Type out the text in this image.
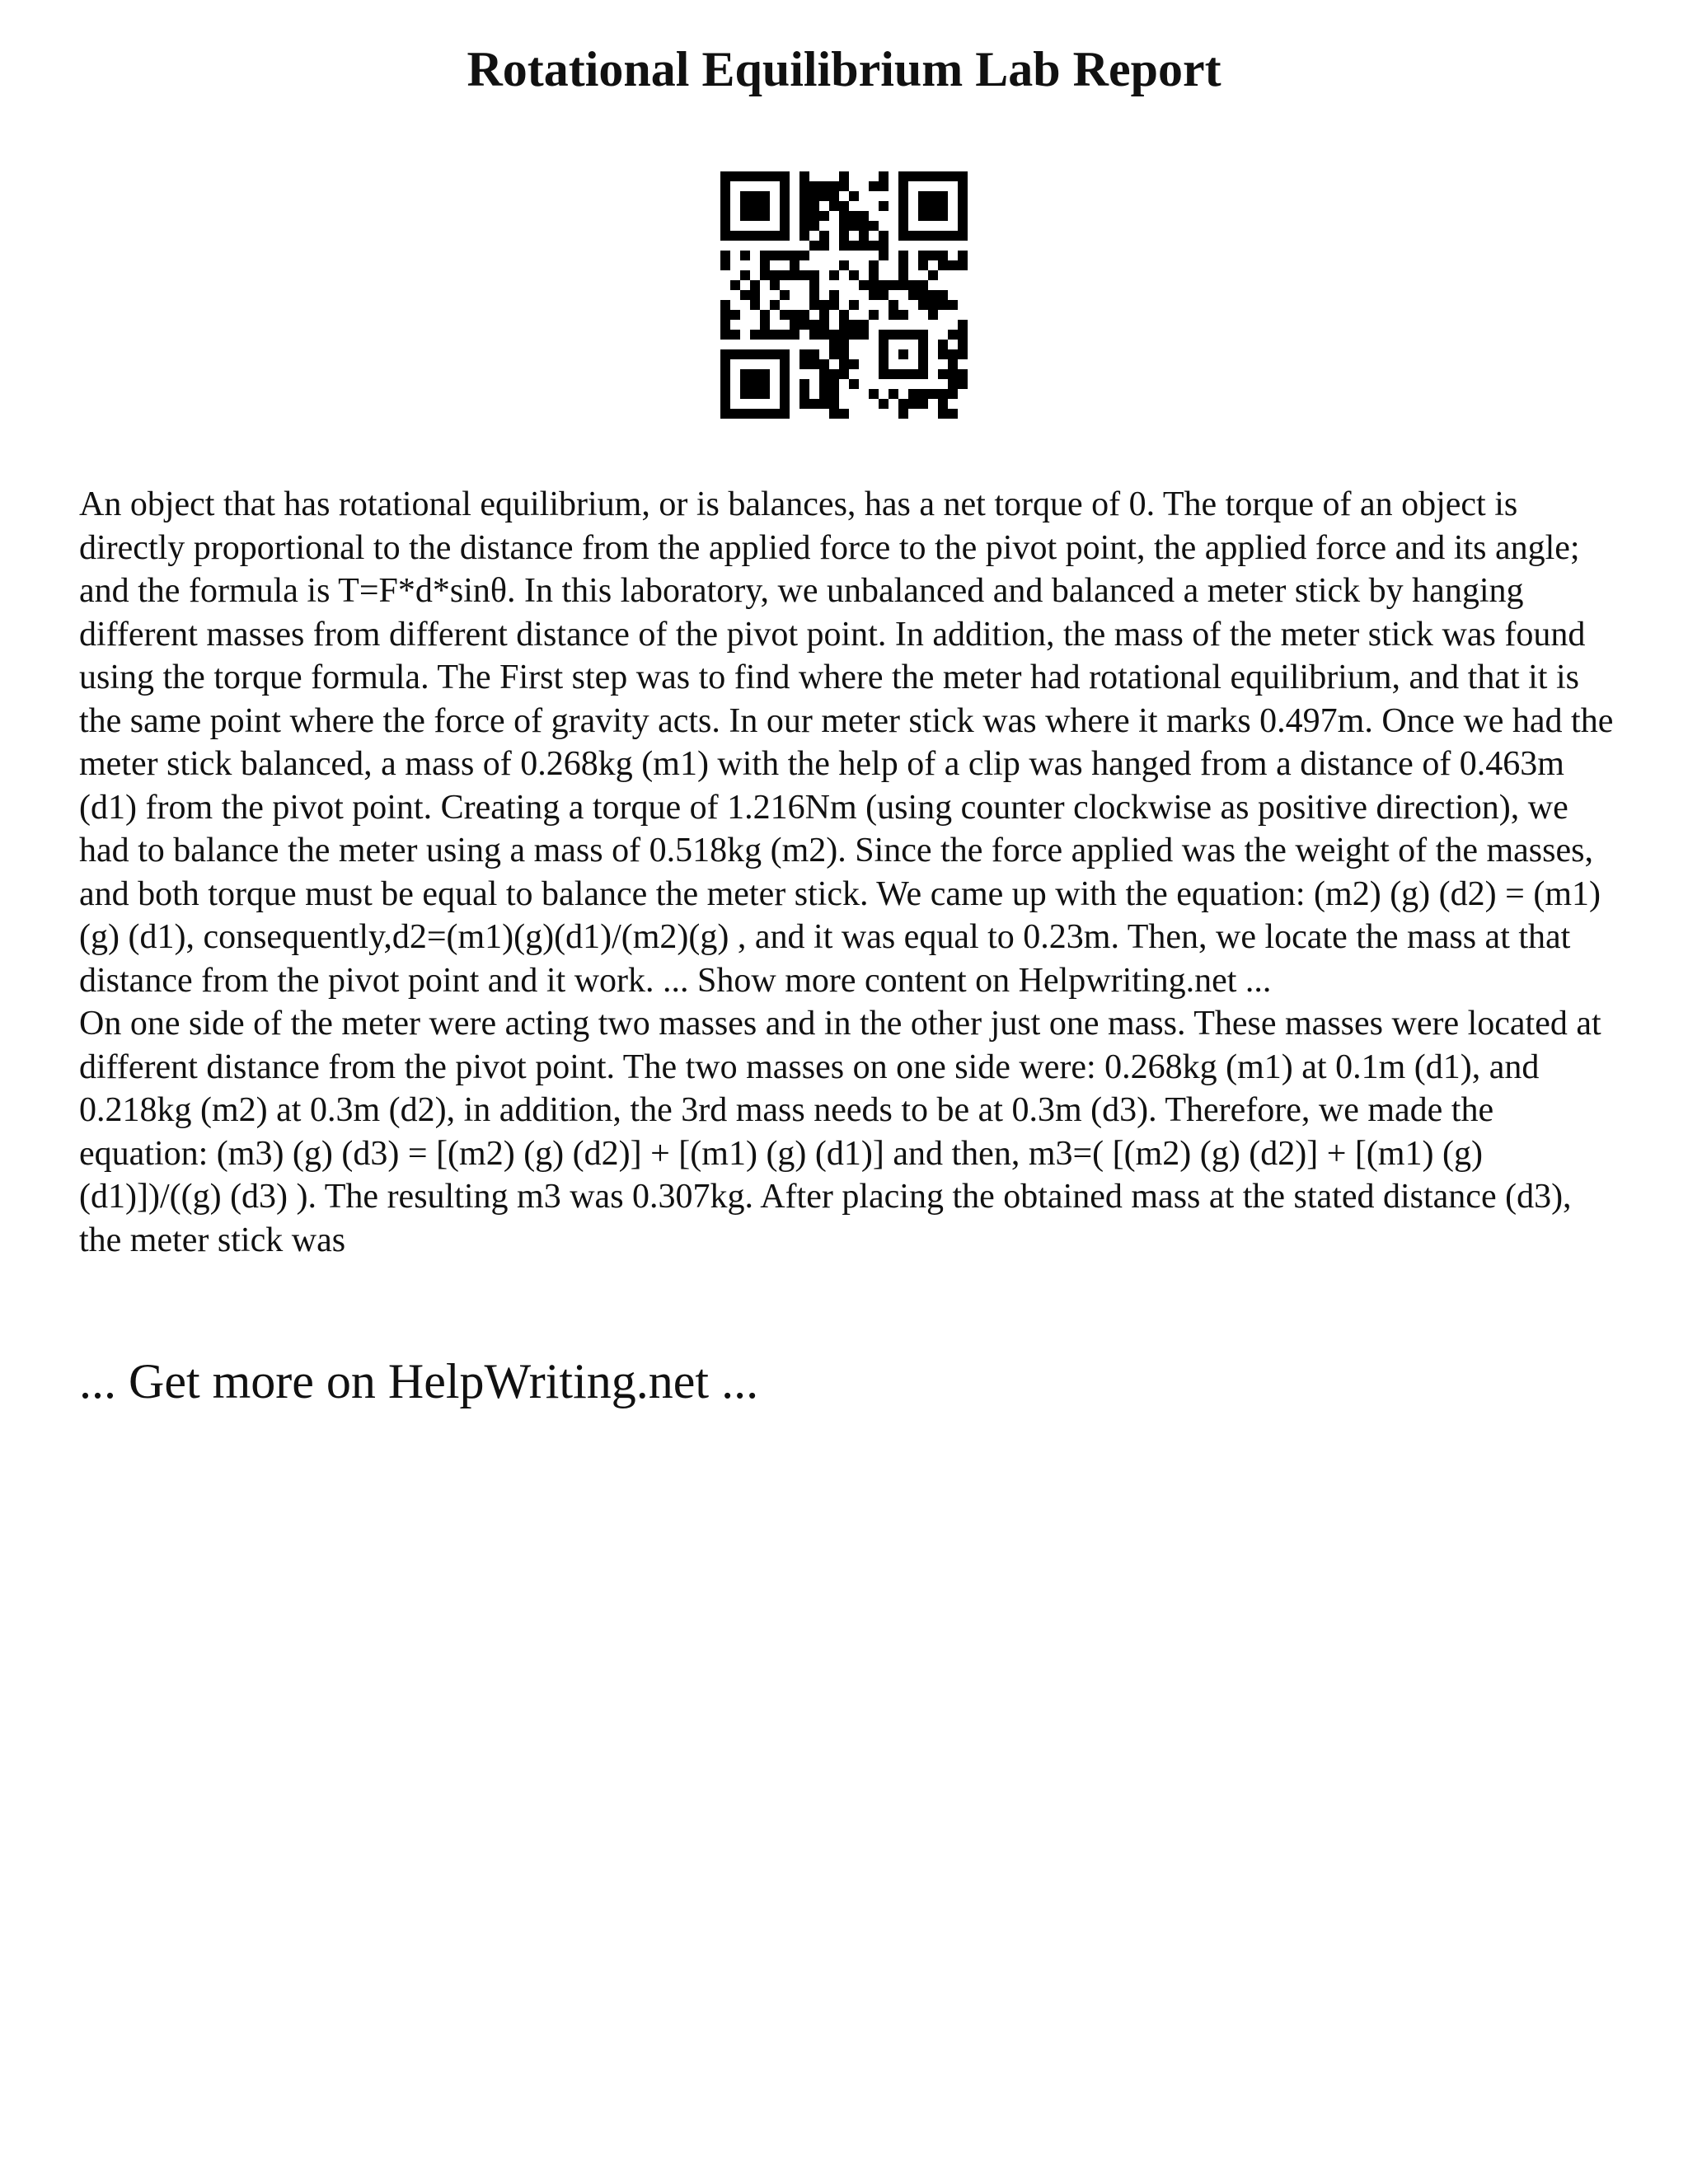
Rotational Equilibrium Lab Report

An object that has rotational equilibrium, or is balances, has a net torque of 0. The torque of an object is directly proportional to the distance from the applied force to the pivot point, the applied force and its angle; and the formula is T=F*d*sinθ. In this laboratory, we unbalanced and balanced a meter stick by hanging different masses from different distance of the pivot point. In addition, the mass of the meter stick was found using the torque formula. The First step was to find where the meter had rotational equilibrium, and that it is the same point where the force of gravity acts. In our meter stick was where it marks 0.497m. Once we had the meter stick balanced, a mass of 0.268kg (m1) with the help of a clip was hanged from a distance of 0.463m (d1) from the pivot point. Creating a torque of 1.216Nm (using counter clockwise as positive direction), we had to balance the meter using a mass of 0.518kg (m2). Since the force applied was the weight of the masses, and both torque must be equal to balance the meter stick. We came up with the equation: (m2) (g) (d2) = (m1) (g) (d1), consequently,d2=(m1)(g)(d1)/(m2)(g) , and it was equal to 0.23m. Then, we locate the mass at that distance from the pivot point and it work. ... Show more content on Helpwriting.net ...

On one side of the meter were acting two masses and in the other just one mass. These masses were located at different distance from the pivot point. The two masses on one side were: 0.268kg (m1) at 0.1m (d1), and 0.218kg (m2) at 0.3m (d2), in addition, the 3rd mass needs to be at 0.3m (d3). Therefore, we made the equation: (m3) (g) (d3) = [(m2) (g) (d2)] + [(m1) (g) (d1)] and then, m3=( [(m2) (g) (d2)] + [(m1) (g) (d1)])/((g) (d3) ). The resulting m3 was 0.307kg. After placing the obtained mass at the stated distance (d3), the meter stick was

... Get more on HelpWriting.net ...
